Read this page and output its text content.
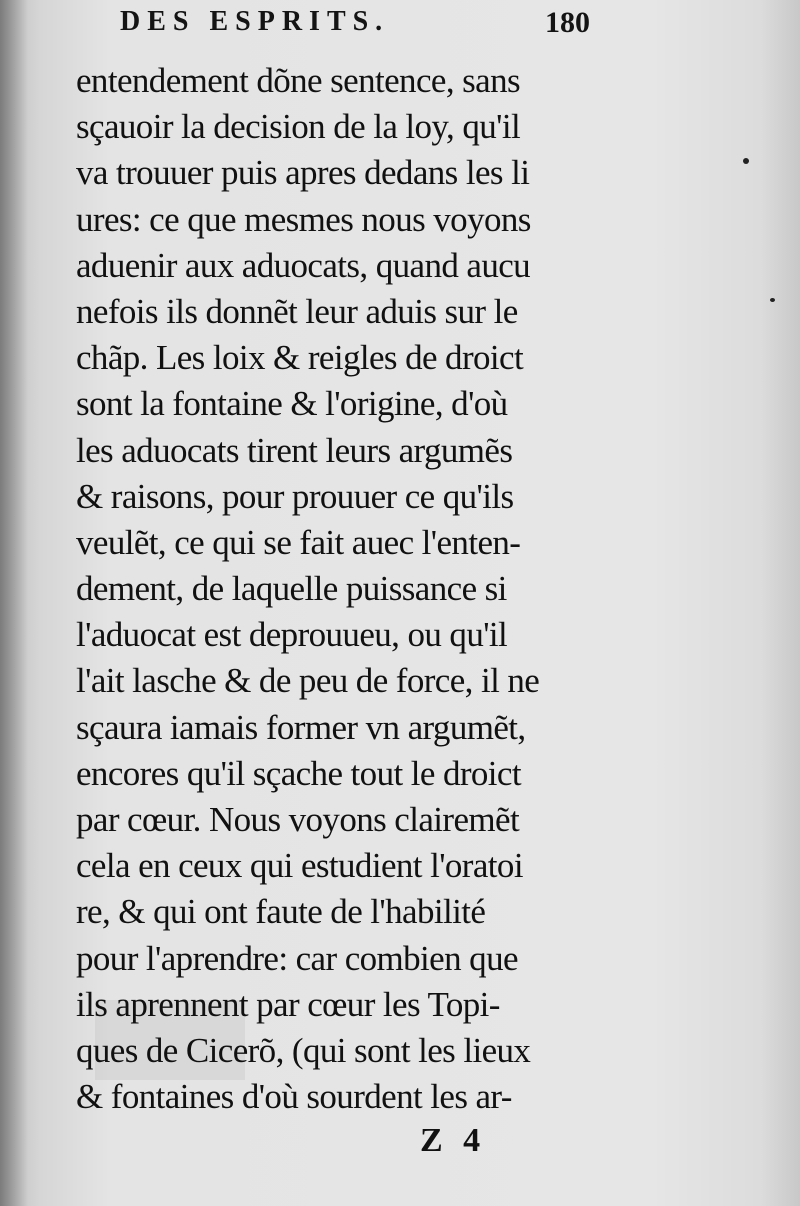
DES ESPRITS.	180
entendement dõne sentence, sans
sçauoir la decision de la loy, qu'il
va trouuer puis apres dedans les li
ures: ce que mesmes nous voyons
aduenir aux aduocats, quand aucu
nefois ils donnẽt leur aduis sur le
chãp. Les loix & reigles de droict
sont la fontaine & l'origine, d'où
les aduocats tirent leurs argumẽs
& raisons, pour prouuer ce qu'ils
veulẽt, ce qui se fait auec l'enten-
dement, de laquelle puissance si
l'aduocat est deprouueu, ou qu'il
l'ait lasche & de peu de force, il ne
sçaura iamais former vn argumẽt,
encores qu'il sçache tout le droict
par cœur. Nous voyons clairemẽt
cela en ceux qui estudient l'oratoi
re, & qui ont faute de l'habilité
pour l'aprendre: car combien que
ils aprennent par cœur les Topi-
ques de Cicerõ, (qui sont les lieux
& fontaines d'où sourdent les ar-
Z 4
